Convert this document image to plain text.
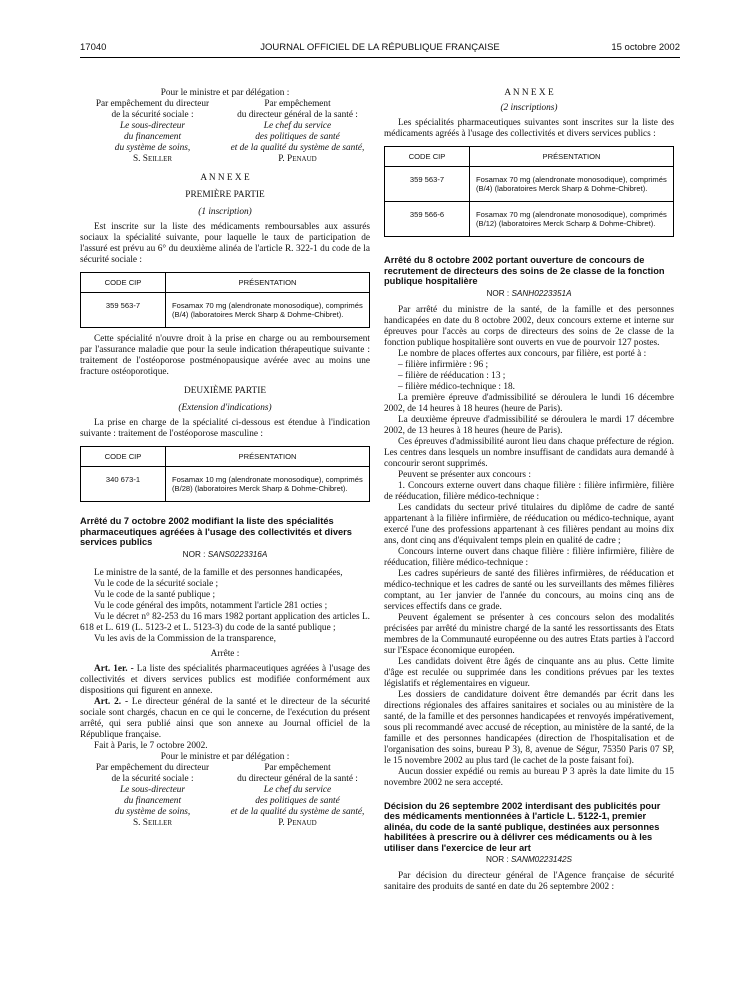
17040	JOURNAL OFFICIEL DE LA RÉPUBLIQUE FRANÇAISE	15 octobre 2002

Pour le ministre et par délégation :

Par empêchement du directeur
de la sécurité sociale :
Le sous-directeur
du financement
du système de soins,
S. Seiller
Par empêchement
du directeur général de la santé :
Le chef du service
des politiques de santé
et de la qualité du système de santé,
P. Penaud

A N N E X E

PREMIÈRE PARTIE

(1 inscription)

Est inscrite sur la liste des médicaments remboursables aux assurés sociaux la spécialité suivante, pour laquelle le taux de participation de l'assuré est prévu au 6° du deuxième alinéa de l'article R. 322-1 du code de la sécurité sociale :

CODE CIP	PRÉSENTATION
359 563-7	Fosamax 70 mg (alendronate monosodique), comprimés (B/4) (laboratoires Merck Sharp & Dohme-Chibret).

Cette spécialité n'ouvre droit à la prise en charge ou au remboursement par l'assurance maladie que pour la seule indication thérapeutique suivante : traitement de l'ostéoporose postménopausique avérée avec au moins une fracture ostéoporotique.

DEUXIÈME PARTIE

(Extension d'indications)

La prise en charge de la spécialité ci-dessous est étendue à l'indication suivante : traitement de l'ostéoporose masculine :

CODE CIP	PRÉSENTATION
340 673-1	Fosamax 10 mg (alendronate monosodique), comprimés (B/28) (laboratoires Merck Sharp & Dohme-Chibret).

Arrêté du 7 octobre 2002 modifiant la liste des spécialités pharmaceutiques agréées à l'usage des collectivités et divers services publics

NOR : SANS0223316A

Le ministre de la santé, de la famille et des personnes handicapées,

Vu le code de la sécurité sociale ;

Vu le code de la santé publique ;

Vu le code général des impôts, notamment l'article 281 octies ;

Vu le décret n° 82-253 du 16 mars 1982 portant application des articles L. 618 et L. 619 (L. 5123-2 et L. 5123-3) du code de la santé publique ;

Vu les avis de la Commission de la transparence,

Arrête :

Art. 1er. - La liste des spécialités pharmaceutiques agréées à l'usage des collectivités et divers services publics est modifiée conformément aux dispositions qui figurent en annexe.

Art. 2. - Le directeur général de la santé et le directeur de la sécurité sociale sont chargés, chacun en ce qui le concerne, de l'exécution du présent arrêté, qui sera publié ainsi que son annexe au Journal officiel de la République française.

Fait à Paris, le 7 octobre 2002.

Pour le ministre et par délégation :

Par empêchement du directeur
de la sécurité sociale :
Le sous-directeur
du financement
du système de soins,
S. Seiller
Par empêchement
du directeur général de la santé :
Le chef du service
des politiques de santé
et de la qualité du système de santé,
P. Penaud

A N N E X E

(2 inscriptions)

Les spécialités pharmaceutiques suivantes sont inscrites sur la liste des médicaments agréés à l'usage des collectivités et divers services publics :

CODE CIP	PRÉSENTATION
359 563-7	Fosamax 70 mg (alendronate monosodique), comprimés (B/4) (laboratoires Merck Sharp & Dohme-Chibret).
359 566-6	Fosamax 70 mg (alendronate monosodique), comprimés (B/12) (laboratoires Merck Scharp & Dohme-Chibret).

Arrêté du 8 octobre 2002 portant ouverture de concours de recrutement de directeurs des soins de 2e classe de la fonction publique hospitalière

NOR : SANH0223351A

Par arrêté du ministre de la santé, de la famille et des personnes handicapées en date du 8 octobre 2002, deux concours externe et interne sur épreuves pour l'accès au corps de directeurs des soins de 2e classe de la fonction publique hospitalière sont ouverts en vue de pourvoir 127 postes.

Le nombre de places offertes aux concours, par filière, est porté à :

– filière infirmière : 96 ;

– filière de rééducation : 13 ;

– filière médico-technique : 18.

La première épreuve d'admissibilité se déroulera le lundi 16 décembre 2002, de 14 heures à 18 heures (heure de Paris).

La deuxième épreuve d'admissibilité se déroulera le mardi 17 décembre 2002, de 13 heures à 18 heures (heure de Paris).

Ces épreuves d'admissibilité auront lieu dans chaque préfecture de région. Les centres dans lesquels un nombre insuffisant de candidats aura demandé à concourir seront supprimés.

Peuvent se présenter aux concours :

1. Concours externe ouvert dans chaque filière : filière infirmière, filière de rééducation, filière médico-technique :

Les candidats du secteur privé titulaires du diplôme de cadre de santé appartenant à la filière infirmière, de rééducation ou médico-technique, ayant exercé l'une des professions appartenant à ces filières pendant au moins dix ans, dont cinq ans d'équivalent temps plein en qualité de cadre ;

Concours interne ouvert dans chaque filière : filière infirmière, filière de rééducation, filière médico-technique :

Les cadres supérieurs de santé des filières infirmières, de rééducation et médico-technique et les cadres de santé ou les surveillants des mêmes filières comptant, au 1er janvier de l'année du concours, au moins cinq ans de services effectifs dans ce grade.

Peuvent également se présenter à ces concours selon des modalités précisées par arrêté du ministre chargé de la santé les ressortissants des Etats membres de la Communauté européenne ou des autres Etats parties à l'accord sur l'Espace économique européen.

Les candidats doivent être âgés de cinquante ans au plus. Cette limite d'âge est reculée ou supprimée dans les conditions prévues par les textes législatifs et réglementaires en vigueur.

Les dossiers de candidature doivent être demandés par écrit dans les directions régionales des affaires sanitaires et sociales ou au ministère de la santé, de la famille et des personnes handicapées et renvoyés impérativement, sous pli recommandé avec accusé de réception, au ministère de la santé, de la famille et des personnes handicapées (direction de l'hospitalisation et de l'organisation des soins, bureau P 3), 8, avenue de Ségur, 75350 Paris 07 SP, le 15 novembre 2002 au plus tard (le cachet de la poste faisant foi).

Aucun dossier expédié ou remis au bureau P 3 après la date limite du 15 novembre 2002 ne sera accepté.

Décision du 26 septembre 2002 interdisant des publicités pour des médicaments mentionnées à l'article L. 5122-1, premier alinéa, du code de la santé publique, destinées aux personnes habilitées à prescrire ou à délivrer ces médicaments ou à les utiliser dans l'exercice de leur art

NOR : SANM0223142S

Par décision du directeur général de l'Agence française de sécurité sanitaire des produits de santé en date du 26 septembre 2002 :
